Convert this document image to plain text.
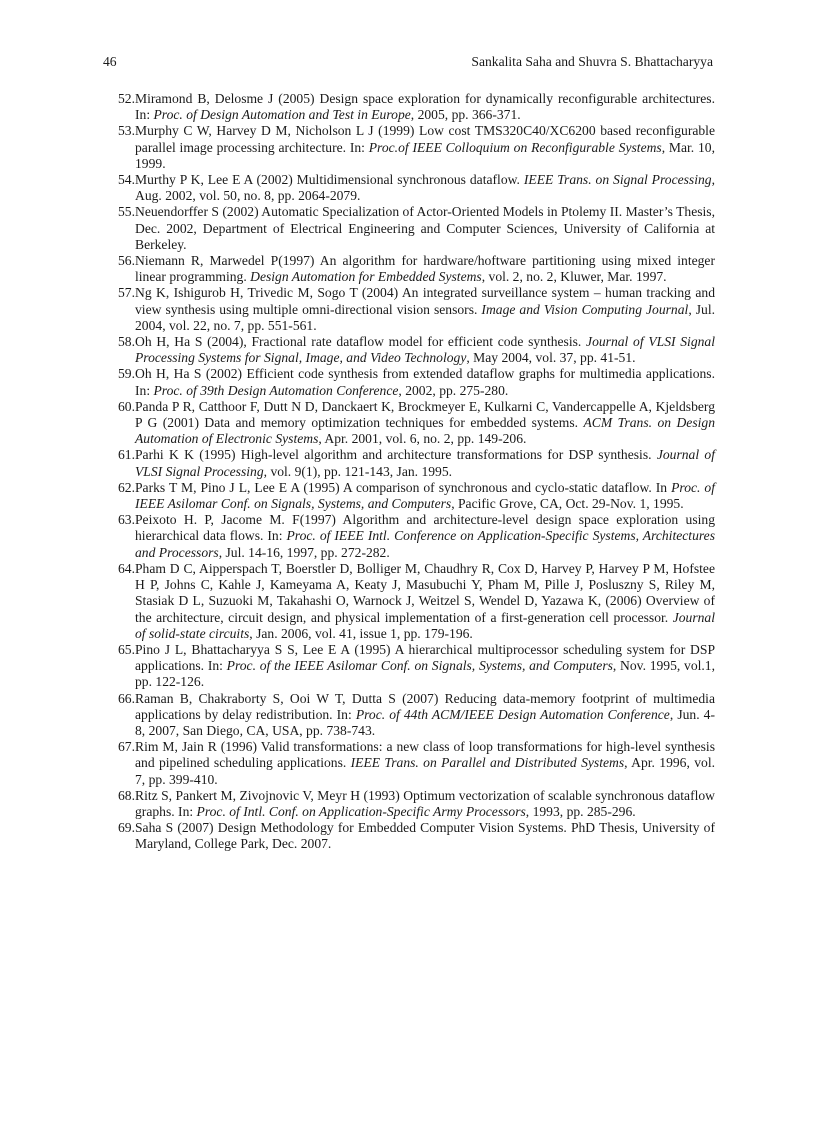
46	Sankalita Saha and Shuvra S. Bhattacharyya
52. Miramond B, Delosme J (2005) Design space exploration for dynamically reconfigurable architectures. In: Proc. of Design Automation and Test in Europe, 2005, pp. 366-371.
53. Murphy C W, Harvey D M, Nicholson L J (1999) Low cost TMS320C40/XC6200 based reconfigurable parallel image processing architecture. In: Proc.of IEEE Colloquium on Reconfigurable Systems, Mar. 10, 1999.
54. Murthy P K, Lee E A (2002) Multidimensional synchronous dataflow. IEEE Trans. on Signal Processing, Aug. 2002, vol. 50, no. 8, pp. 2064-2079.
55. Neuendorffer S (2002) Automatic Specialization of Actor-Oriented Models in Ptolemy II. Master’s Thesis, Dec. 2002, Department of Electrical Engineering and Computer Sciences, University of California at Berkeley.
56. Niemann R, Marwedel P(1997) An algorithm for hardware/hoftware partitioning using mixed integer linear programming. Design Automation for Embedded Systems, vol. 2, no. 2, Kluwer, Mar. 1997.
57. Ng K, Ishigurob H, Trivedic M, Sogo T (2004) An integrated surveillance system – human tracking and view synthesis using multiple omni-directional vision sensors. Image and Vision Computing Journal, Jul. 2004, vol. 22, no. 7, pp. 551-561.
58. Oh H, Ha S (2004), Fractional rate dataflow model for efficient code synthesis. Journal of VLSI Signal Processing Systems for Signal, Image, and Video Technology, May 2004, vol. 37, pp. 41-51.
59. Oh H, Ha S (2002) Efficient code synthesis from extended dataflow graphs for multimedia applications. In: Proc. of 39th Design Automation Conference, 2002, pp. 275-280.
60. Panda P R, Catthoor F, Dutt N D, Danckaert K, Brockmeyer E, Kulkarni C, Vandercappelle A, Kjeldsberg P G (2001) Data and memory optimization techniques for embedded systems. ACM Trans. on Design Automation of Electronic Systems, Apr. 2001, vol. 6, no. 2, pp. 149-206.
61. Parhi K K (1995) High-level algorithm and architecture transformations for DSP synthesis. Journal of VLSI Signal Processing, vol. 9(1), pp. 121-143, Jan. 1995.
62. Parks T M, Pino J L, Lee E A (1995) A comparison of synchronous and cyclo-static dataflow. In Proc. of IEEE Asilomar Conf. on Signals, Systems, and Computers, Pacific Grove, CA, Oct. 29-Nov. 1, 1995.
63. Peixoto H. P, Jacome M. F(1997) Algorithm and architecture-level design space exploration using hierarchical data flows. In: Proc. of IEEE Intl. Conference on Application-Specific Systems, Architectures and Processors, Jul. 14-16, 1997, pp. 272-282.
64. Pham D C, Aipperspach T, Boerstler D, Bolliger M, Chaudhry R, Cox D, Harvey P, Harvey P M, Hofstee H P, Johns C, Kahle J, Kameyama A, Keaty J, Masubuchi Y, Pham M, Pille J, Posluszny S, Riley M, Stasiak D L, Suzuoki M, Takahashi O, Warnock J, Weitzel S, Wendel D, Yazawa K, (2006) Overview of the architecture, circuit design, and physical implementation of a first-generation cell processor. Journal of solid-state circuits, Jan. 2006, vol. 41, issue 1, pp. 179-196.
65. Pino J L, Bhattacharyya S S, Lee E A (1995) A hierarchical multiprocessor scheduling system for DSP applications. In: Proc. of the IEEE Asilomar Conf. on Signals, Systems, and Computers, Nov. 1995, vol.1, pp. 122-126.
66. Raman B, Chakraborty S, Ooi W T, Dutta S (2007) Reducing data-memory footprint of multimedia applications by delay redistribution. In: Proc. of 44th ACM/IEEE Design Automation Conference, Jun. 4-8, 2007, San Diego, CA, USA, pp. 738-743.
67. Rim M, Jain R (1996) Valid transformations: a new class of loop transformations for high-level synthesis and pipelined scheduling applications. IEEE Trans. on Parallel and Distributed Systems, Apr. 1996, vol. 7, pp. 399-410.
68. Ritz S, Pankert M, Zivojnovic V, Meyr H (1993) Optimum vectorization of scalable synchronous dataflow graphs. In: Proc. of Intl. Conf. on Application-Specific Army Processors, 1993, pp. 285-296.
69. Saha S (2007) Design Methodology for Embedded Computer Vision Systems. PhD Thesis, University of Maryland, College Park, Dec. 2007.
